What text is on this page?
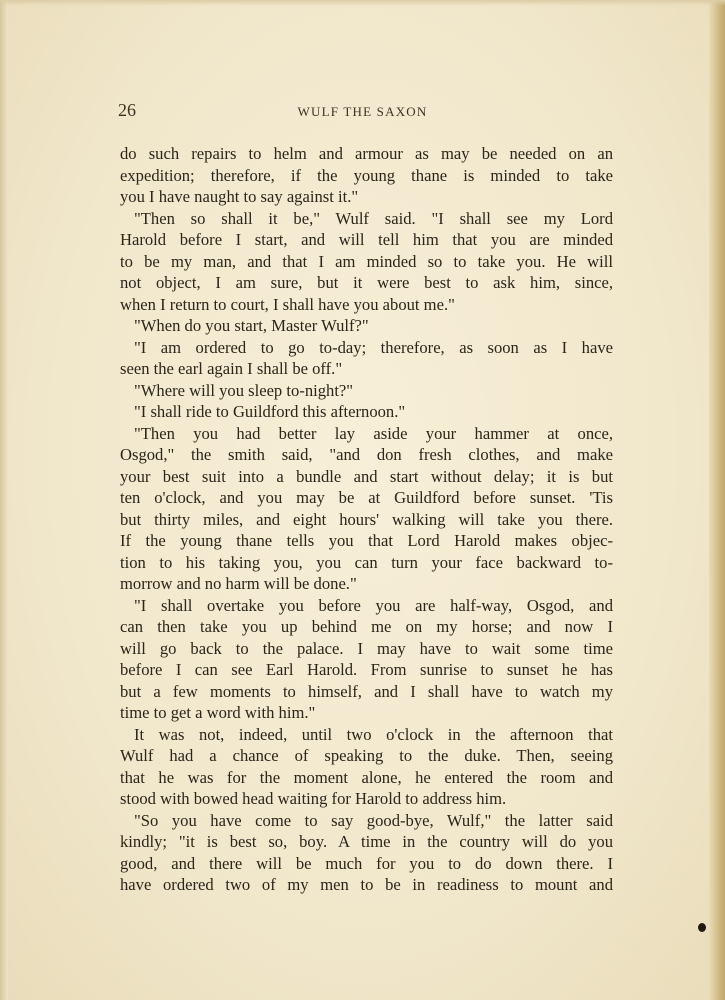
26	WULF THE SAXON
do such repairs to helm and armour as may be needed on an
expedition; therefore, if the young thane is minded to take
you I have naught to say against it."
"Then so shall it be," Wulf said. "I shall see my Lord
Harold before I start, and will tell him that you are minded
to be my man, and that I am minded so to take you. He will
not object, I am sure, but it were best to ask him, since,
when I return to court, I shall have you about me."
"When do you start, Master Wulf?"
"I am ordered to go to-day; therefore, as soon as I have
seen the earl again I shall be off."
"Where will you sleep to-night?"
"I shall ride to Guildford this afternoon."
"Then you had better lay aside your hammer at once,
Osgod," the smith said, "and don fresh clothes, and make
your best suit into a bundle and start without delay; it is but
ten o'clock, and you may be at Guildford before sunset. 'Tis
but thirty miles, and eight hours' walking will take you there.
If the young thane tells you that Lord Harold makes objec-
tion to his taking you, you can turn your face backward to-
morrow and no harm will be done."
"I shall overtake you before you are half-way, Osgod, and
can then take you up behind me on my horse; and now I
will go back to the palace. I may have to wait some time
before I can see Earl Harold. From sunrise to sunset he has
but a few moments to himself, and I shall have to watch my
time to get a word with him."
It was not, indeed, until two o'clock in the afternoon that
Wulf had a chance of speaking to the duke. Then, seeing
that he was for the moment alone, he entered the room and
stood with bowed head waiting for Harold to address him.
"So you have come to say good-bye, Wulf," the latter said
kindly; "it is best so, boy. A time in the country will do you
good, and there will be much for you to do down there. I
have ordered two of my men to be in readiness to mount and
